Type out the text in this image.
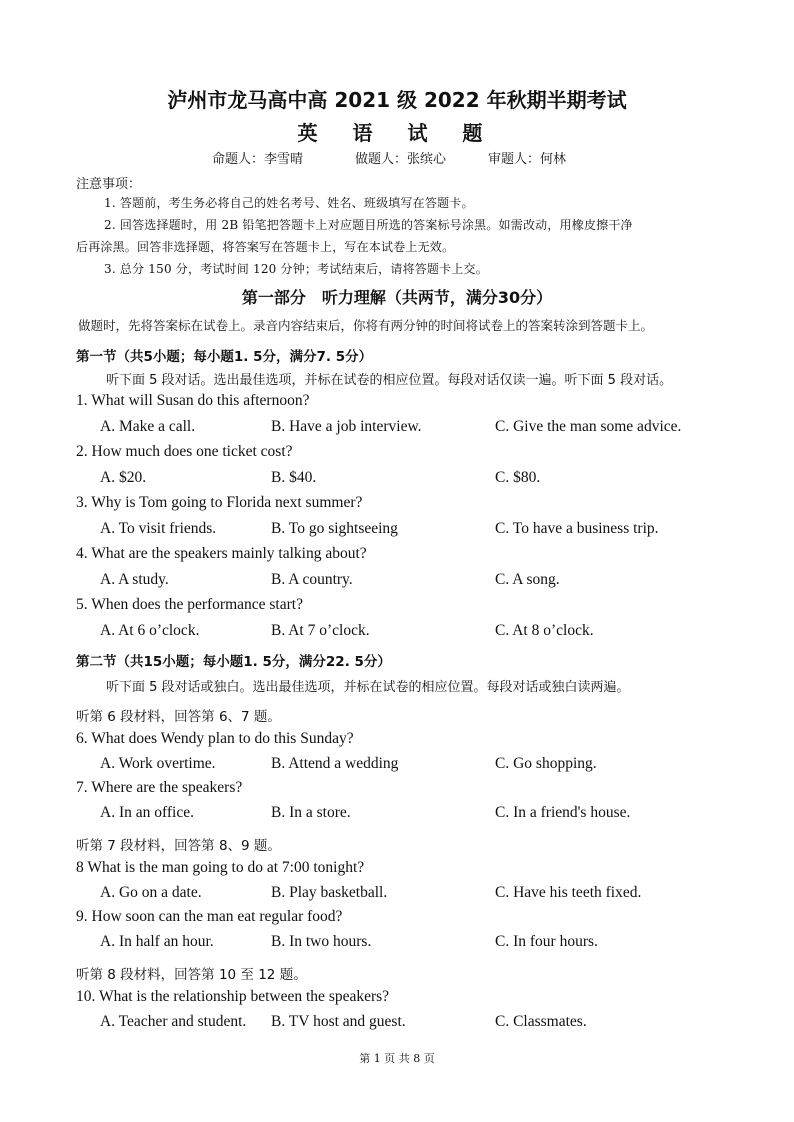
泸州市龙马高中高 2021 级 2022 年秋期半期考试
英 语 试 题
命题人：李雪晴	做题人：张缤心	审题人：何林
注意事项：
1. 答题前，考生务必将自己的姓名考号、姓名、班级填写在答题卡。
2. 回答选择题时，用 2B 铅笔把答题卡上对应题目所选的答案标号涂黑。如需改动，用橡皮擦干净
后再涂黑。回答非选择题，将答案写在答题卡上，写在本试卷上无效。
3. 总分 150 分，考试时间 120 分钟；考试结束后，请将答题卡上交。
第一部分　听力理解（共两节，满分30分）
做题时，先将答案标在试卷上。录音内容结束后，你将有两分钟的时间将试卷上的答案转涂到答题卡上。
第一节（共5小题；每小题1. 5分，满分7. 5分）
听下面 5 段对话。选出最佳选项，并标在试卷的相应位置。每段对话仅读一遍。听下面 5 段对话。
1. What will Susan do this afternoon?
A. Make a call.	B. Have a job interview.	C. Give the man some advice.
2. How much does one ticket cost?
A. $20.	B. $40.	C. $80.
3. Why is Tom going to Florida next summer?
A. To visit friends.	B. To go sightseeing	C. To have a business trip.
4. What are the speakers mainly talking about?
A. A study.	B. A country.	C. A song.
5. When does the performance start?
A. At 6 o’clock.	B. At 7 o’clock.	C. At 8 o’clock.
第二节（共15小题；每小题1. 5分，满分22. 5分）
听下面 5 段对话或独白。选出最佳选项，并标在试卷的相应位置。每段对话或独白读两遍。
听第 6 段材料，回答第 6、7 题。
6. What does Wendy plan to do this Sunday?
A. Work overtime.	B. Attend a wedding	C. Go shopping.
7. Where are the speakers?
A. In an office.	B. In a store.	C. In a friend's house.
听第 7 段材料，回答第 8、9 题。
8 What is the man going to do at 7:00 tonight?
A. Go on a date.	B. Play basketball.	C. Have his teeth fixed.
9. How soon can the man eat regular food?
A. In half an hour.	B. In two hours.	C. In four hours.
听第 8 段材料，回答第 10 至 12 题。
10. What is the relationship between the speakers?
A. Teacher and student. B. TV host and guest.	C. Classmates.
第 1 页 共 8 页
